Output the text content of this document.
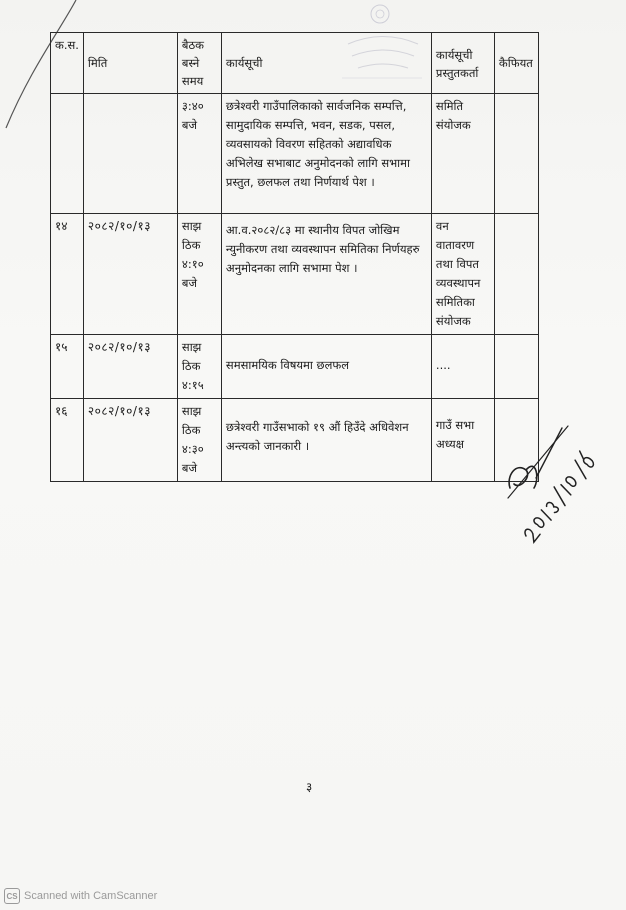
क.स.	मिति	बैठक बस्ने समय	कार्यसूची	कार्यसूची प्रस्तुतकर्ता	कैफियत

		३:४० बजे	छत्रेश्वरी गाउँपालिकाको सार्वजनिक सम्पत्ति, सामुदायिक सम्पत्ति, भवन, सडक, पसल, व्यवसायको विवरण सहितको अद्यावधिक अभिलेख सभाबाट अनुमोदनको लागि सभामा प्रस्तुत, छलफल तथा निर्णयार्थ पेश ।	समिति संयोजक	
१४	२०८२/१०/१३	साझ ठिक ४:१० बजे	आ.व.२०८२/८३ मा स्थानीय विपत जोखिम न्युनीकरण तथा व्यवस्थापन समितिका निर्णयहरु अनुमोदनका लागि सभामा पेश ।	वन वातावरण तथा विपत व्यवस्थापन समितिका संयोजक	
१५	२०८२/१०/१३	साझ ठिक ४:१५	समसामयिक विषयमा छलफल	....	

१६	२०८२/१०/१३	साझ ठिक ४:३० बजे	छत्रेश्वरी गाउँसभाको १९ औं हिउँदे अधिवेशन अन्त्यको जानकारी ।	गाउँ सभा अध्यक्ष	

३
CS Scanned with CamScanner
